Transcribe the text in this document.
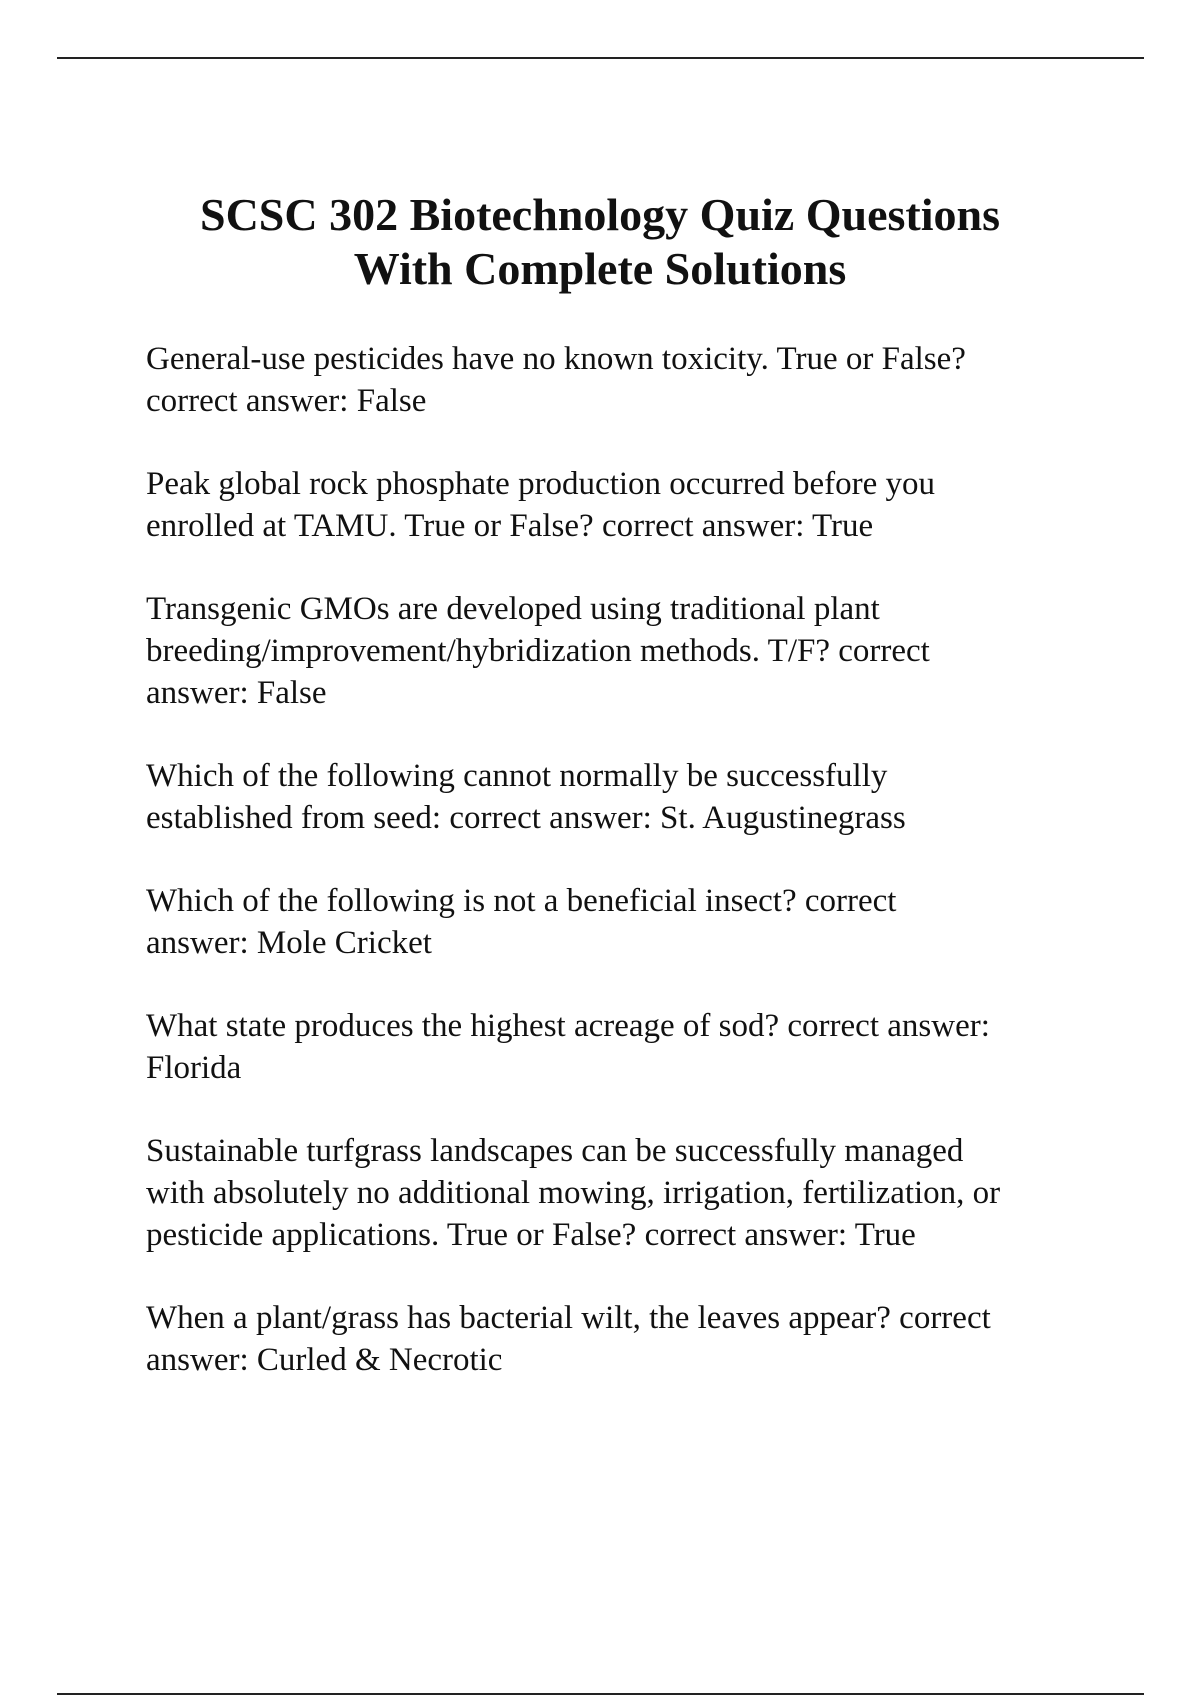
SCSC 302 Biotechnology Quiz Questions
With Complete Solutions

General-use pesticides have no known toxicity. True or False?
correct answer: False

Peak global rock phosphate production occurred before you
enrolled at TAMU. True or False? correct answer: True

Transgenic GMOs are developed using traditional plant
breeding/improvement/hybridization methods. T/F? correct
answer: False

Which of the following cannot normally be successfully
established from seed: correct answer: St. Augustinegrass

Which of the following is not a beneficial insect? correct
answer: Mole Cricket

What state produces the highest acreage of sod? correct answer:
Florida

Sustainable turfgrass landscapes can be successfully managed
with absolutely no additional mowing, irrigation, fertilization, or
pesticide applications. True or False? correct answer: True

When a plant/grass has bacterial wilt, the leaves appear? correct
answer: Curled & Necrotic
